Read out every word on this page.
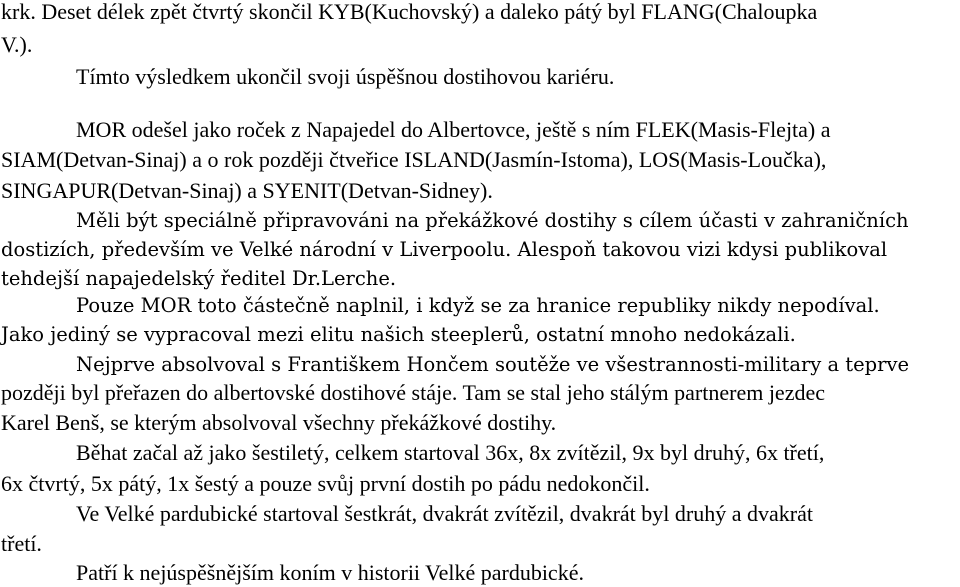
krk. Deset délek zpět čtvrtý skončil KYB(Kuchovský) a daleko pátý byl FLANG(Chaloupka
V.).
Tímto výsledkem ukončil svoji úspěšnou dostihovou kariéru.
MOR odešel jako roček z Napajedel do Albertovce, ještě s ním FLEK(Masis-Flejta) a
SIAM(Detvan-Sinaj) a o rok později čtveřice ISLAND(Jasmín-Istoma), LOS(Masis-Loučka),
SINGAPUR(Detvan-Sinaj) a SYENIT(Detvan-Sidney).
Měli být speciálně připravováni na překážkové dostihy s cílem účasti v zahraničních
dostizích, především ve Velké národní v Liverpoolu. Alespoň takovou vizi kdysi publikoval
tehdejší napajedelský ředitel Dr.Lerche.
Pouze MOR toto částečně naplnil, i když se za hranice republiky nikdy nepodíval.
Jako jediný se vypracoval mezi elitu našich steeplerů, ostatní mnoho nedokázali.
Nejprve absolvoval s Františkem Hončem soutěže ve všestrannosti-military a teprve
později byl přeřazen do albertovské dostihové stáje. Tam se stal jeho stálým partnerem jezdec
Karel Benš, se kterým absolvoval všechny překážkové dostihy.
Běhat začal až jako šestiletý, celkem startoval 36x, 8x zvítězil, 9x byl druhý, 6x třetí,
6x čtvrtý, 5x pátý, 1x šestý a pouze svůj první dostih po pádu nedokončil.
Ve Velké pardubické startoval šestkrát, dvakrát zvítězil, dvakrát byl druhý a dvakrát
třetí.
Patří k nejúspěšnějším koním v historii Velké pardubické.
